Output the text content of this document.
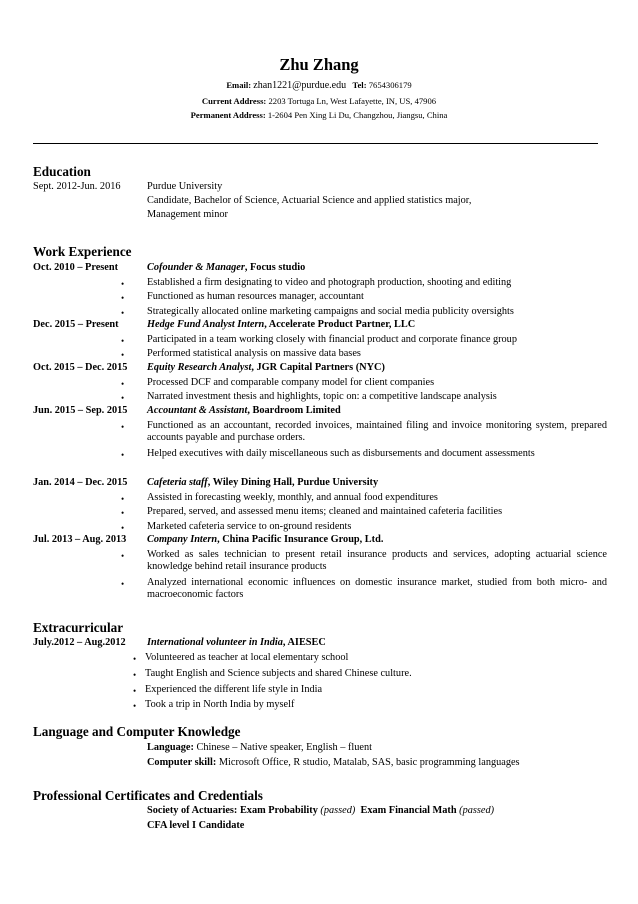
Zhu Zhang
Email: zhan1221@purdue.edu Tel: 7654306179
Current Address: 2203 Tortuga Ln, West Lafayette, IN, US, 47906
Permanent Address: 1-2604 Pen Xing Li Du, Changzhou, Jiangsu, China
Education
Sept. 2012-Jun. 2016	Purdue University
Candidate, Bachelor of Science, Actuarial Science and applied statistics major,
Management minor
Work Experience
Oct. 2010 – Present	Cofounder & Manager, Focus studio
• Established a firm designating to video and photograph production, shooting and editing
• Functioned as human resources manager, accountant
• Strategically allocated online marketing campaigns and social media publicity oversights
Dec. 2015 – Present	Hedge Fund Analyst Intern, Accelerate Product Partner, LLC
• Participated in a team working closely with financial product and corporate finance group
• Performed statistical analysis on massive data bases
Oct. 2015 – Dec. 2015 Equity Research Analyst, JGR Capital Partners (NYC)
• Processed DCF and comparable company model for client companies
• Narrated investment thesis and highlights, topic on: a competitive landscape analysis
Jun. 2015 – Sep. 2015 Accountant & Assistant, Boardroom Limited
• Functioned as an accountant, recorded invoices, maintained filing and invoice monitoring system, prepared accounts payable and purchase orders.
• Helped executives with daily miscellaneous such as disbursements and document assessments
Jan. 2014 – Dec. 2015 Cafeteria staff, Wiley Dining Hall, Purdue University
• Assisted in forecasting weekly, monthly, and annual food expenditures
• Prepared, served, and assessed menu items; cleaned and maintained cafeteria facilities
• Marketed cafeteria service to on-ground residents
Jul. 2013 – Aug. 2013 Company Intern, China Pacific Insurance Group, Ltd.
• Worked as sales technician to present retail insurance products and services, adopting actuarial science knowledge behind retail insurance products
• Analyzed international economic influences on domestic insurance market, studied from both micro- and macroeconomic factors
Extracurricular
July.2012 – Aug.2012 International volunteer in India, AIESEC
• Volunteered as teacher at local elementary school
• Taught English and Science subjects and shared Chinese culture.
• Experienced the different life style in India
• Took a trip in North India by myself
Language and Computer Knowledge
Language: Chinese – Native speaker, English – fluent
Computer skill: Microsoft Office, R studio, Matalab, SAS, basic programming languages
Professional Certificates and Credentials
Society of Actuaries: Exam Probability (passed) Exam Financial Math (passed)
CFA level I Candidate
